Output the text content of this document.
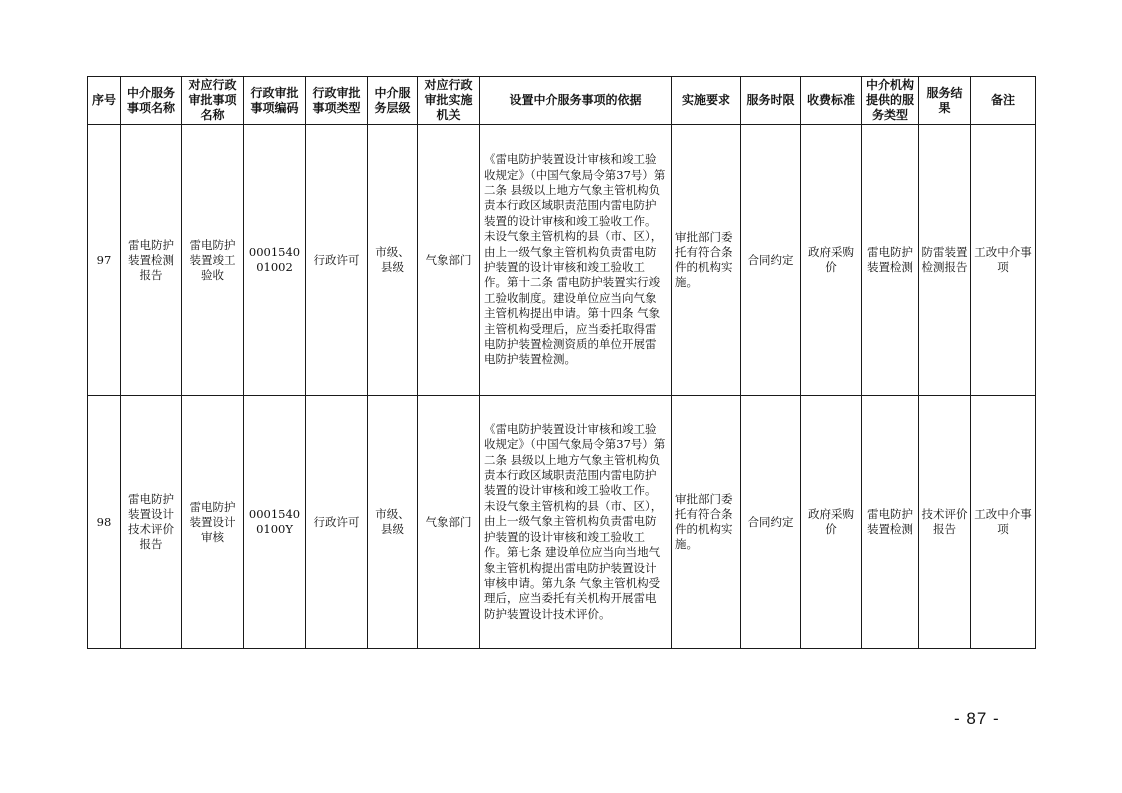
序号	中介服务事项名称	对应行政审批事项名称	行政审批事项编码	行政审批事项类型	中介服务层级	对应行政审批实施机关	设置中介服务事项的依据	实施要求	服务时限	收费标准	中介机构提供的服务类型	服务结果	备注
97	雷电防护装置检测报告	雷电防护装置竣工验收	000154001002	行政许可	市级、县级	气象部门	《雷电防护装置设计审核和竣工验收规定》（中国气象局令第37号）第二条 县级以上地方气象主管机构负责本行政区域职责范围内雷电防护装置的设计审核和竣工验收工作。未设气象主管机构的县（市、区），由上一级气象主管机构负责雷电防护装置的设计审核和竣工验收工作。第十二条 雷电防护装置实行竣工验收制度。建设单位应当向气象主管机构提出申请。第十四条 气象主管机构受理后，应当委托取得雷电防护装置检测资质的单位开展雷电防护装置检测。	审批部门委托有符合条件的机构实施。	合同约定	政府采购价	雷电防护装置检测	防雷装置检测报告	工改中介事项
98	雷电防护装置设计技术评价报告	雷电防护装置设计审核	00015400100Y	行政许可	市级、县级	气象部门	《雷电防护装置设计审核和竣工验收规定》（中国气象局令第37号）第二条 县级以上地方气象主管机构负责本行政区域职责范围内雷电防护装置的设计审核和竣工验收工作。未设气象主管机构的县（市、区），由上一级气象主管机构负责雷电防护装置的设计审核和竣工验收工作。第七条 建设单位应当向当地气象主管机构提出雷电防护装置设计审核申请。第九条 气象主管机构受理后，应当委托有关机构开展雷电防护装置设计技术评价。	审批部门委托有符合条件的机构实施。	合同约定	政府采购价	雷电防护装置检测	技术评价报告	工改中介事项
- 87 -
